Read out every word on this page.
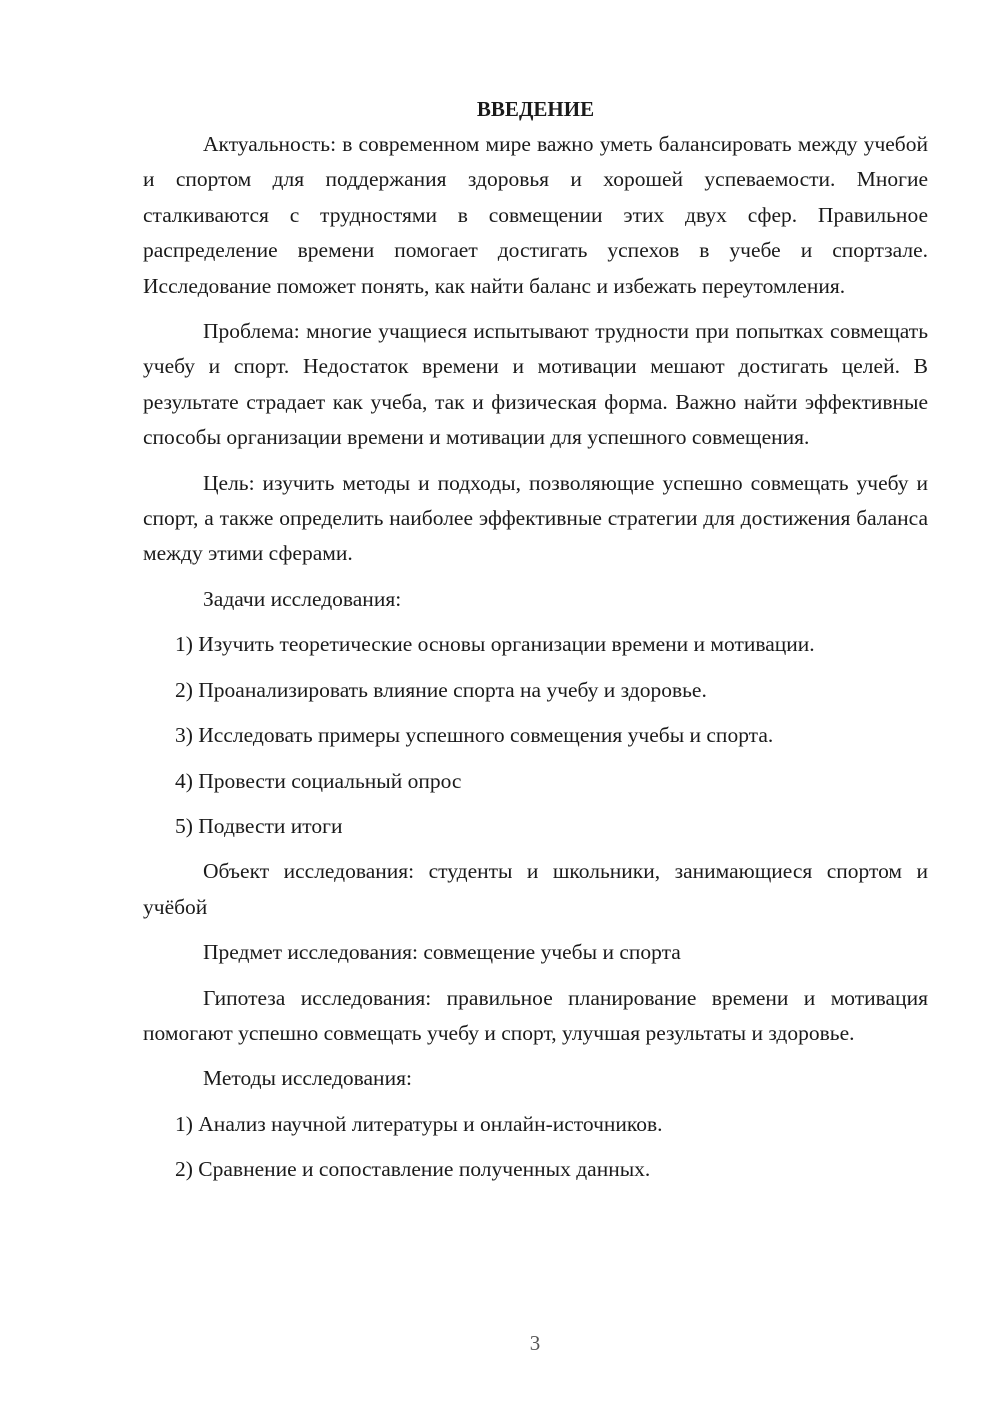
ВВЕДЕНИЕ

Актуальность: в современном мире важно уметь балансировать между учебой и спортом для поддержания здоровья и хорошей успеваемости. Многие сталкиваются с трудностями в совмещении этих двух сфер. Правильное распределение времени помогает достигать успехов в учебе и спортзале. Исследование поможет понять, как найти баланс и избежать переутомления.

Проблема: многие учащиеся испытывают трудности при попытках совмещать учебу и спорт. Недостаток времени и мотивации мешают достигать целей. В результате страдает как учеба, так и физическая форма. Важно найти эффективные способы организации времени и мотивации для успешного совмещения.

Цель: изучить методы и подходы, позволяющие успешно совмещать учебу и спорт, а также определить наиболее эффективные стратегии для достижения баланса между этими сферами.

Задачи исследования:

1) Изучить теоретические основы организации времени и мотивации.
2) Проанализировать влияние спорта на учебу и здоровье.
3) Исследовать примеры успешного совмещения учебы и спорта.
4) Провести социальный опрос
5) Подвести итоги

Объект исследования: студенты и школьники, занимающиеся спортом и учёбой

Предмет исследования: совмещение учебы и спорта

Гипотеза исследования: правильное планирование времени и мотивация помогают успешно совмещать учебу и спорт, улучшая результаты и здоровье.

Методы исследования:

1) Анализ научной литературы и онлайн-источников.
2) Сравнение и сопоставление полученных данных.
3
